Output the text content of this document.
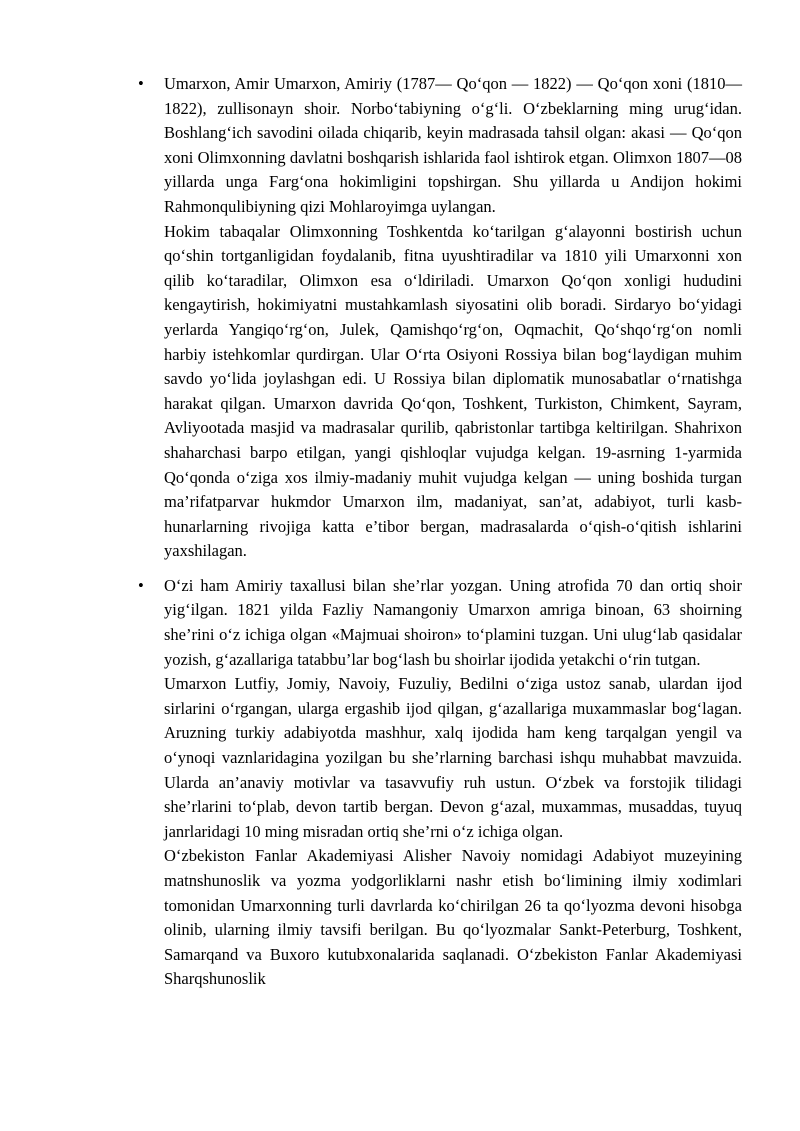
• Umarxon, Amir Umarxon, Amiriy (1787— Qo‘qon — 1822) — Qo‘qon xoni (1810—1822), zullisonayn shoir. Norbo‘tabiyning o‘g‘li. O‘zbeklarning ming urug‘idan. Boshlang‘ich savodini oilada chiqarib, keyin madrasada tahsil olgan: akasi — Qo‘qon xoni Olimxonning davlatni boshqarish ishlarida faol ishtirok etgan. Olimxon 1807—08 yillarda unga Farg‘ona hokimligini topshirgan. Shu yillarda u Andijon hokimi Rahmonqulibiyning qizi Mohlaroyimga uylangan.

Hokim tabaqalar Olimxonning Toshkentda ko‘tarilgan g‘alayonni bostirish uchun qo‘shin tortganligidan foydalanib, fitna uyushtiradilar va 1810 yili Umarxonni xon qilib ko‘taradilar, Olimxon esa o‘ldiriladi. Umarxon Qo‘qon xonligi hududini kengaytirish, hokimiyatni mustahkamlash siyosatini olib boradi. Sirdaryo bo‘yidagi yerlarda Yangiqo‘rg‘on, Julek, Qamishqo‘rg‘on, Oqmachit, Qo‘shqo‘rg‘on nomli harbiy istehkomlar qurdirgan. Ular O‘rta Osiyoni Rossiya bilan bog‘laydigan muhim savdo yo‘lida joylashgan edi. U Rossiya bilan diplomatik munosabatlar o‘rnatishga harakat qilgan. Umarxon davrida Qo‘qon, Toshkent, Turkiston, Chimkent, Sayram, Avliyootada masjid va madrasalar qurilib, qabristonlar tartibga keltirilgan. Shahrixon shaharchasi barpo etilgan, yangi qishloqlar vujudga kelgan. 19-asrning 1-yarmida Qo‘qonda o‘ziga xos ilmiy-madaniy muhit vujudga kelgan — uning boshida turgan ma’rifatparvar hukmdor Umarxon ilm, madaniyat, san’at, adabiyot, turli kasb-hunarlarning rivojiga katta e’tibor bergan, madrasalarda o‘qish-o‘qitish ishlarini yaxshilagan.

• O‘zi ham Amiriy taxallusi bilan she’rlar yozgan. Uning atrofida 70 dan ortiq shoir yig‘ilgan. 1821 yilda Fazliy Namangoniy Umarxon amriga binoan, 63 shoirning she’rini o‘z ichiga olgan «Majmuai shoiron» to‘plamini tuzgan. Uni ulug‘lab qasidalar yozish, g‘azallariga tatabbu’lar bog‘lash bu shoirlar ijodida yetakchi o‘rin tutgan.

Umarxon Lutfiy, Jomiy, Navoiy, Fuzuliy, Bedilni o‘ziga ustoz sanab, ulardan ijod sirlarini o‘rgangan, ularga ergashib ijod qilgan, g‘azallariga muxammaslar bog‘lagan. Aruzning turkiy adabiyotda mashhur, xalq ijodida ham keng tarqalgan yengil va o‘ynoqi vaznlaridagina yozilgan bu she’rlarning barchasi ishqu muhabbat mavzuida. Ularda an’anaviy motivlar va tasavvufiy ruh ustun. O‘zbek va forstojik tilidagi she’rlarini to‘plab, devon tartib bergan. Devon g‘azal, muxammas, musaddas, tuyuq janrlaridagi 10 ming misradan ortiq she’rni o‘z ichiga olgan.

O‘zbekiston Fanlar Akademiyasi Alisher Navoiy nomidagi Adabiyot muzeyining matnshunoslik va yozma yodgorliklarni nashr etish bo‘limining ilmiy xodimlari tomonidan Umarxonning turli davrlarda ko‘chirilgan 26 ta qo‘lyozma devoni hisobga olinib, ularning ilmiy tavsifi berilgan. Bu qo‘lyozmalar Sankt-Peterburg, Toshkent, Samarqand va Buxoro kutubxonalarida saqlanadi. O‘zbekiston Fanlar Akademiyasi Sharqshunoslik
